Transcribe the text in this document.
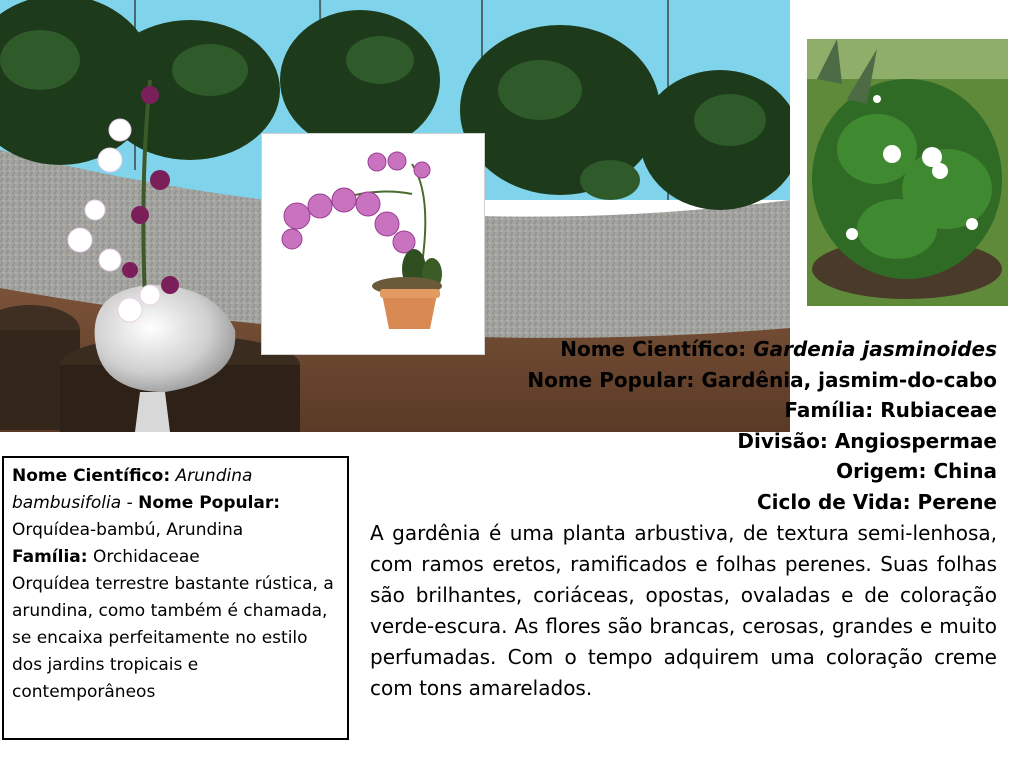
Nome Científico: Gardenia jasminoides
Nome Popular: Gardênia, jasmim-do-cabo
Família: Rubiaceae
Divisão: Angiospermae
Origem: China
Ciclo de Vida: Perene
A gardênia é uma planta arbustiva, de textura semi-lenhosa, com ramos eretos, ramificados e folhas perenes. Suas folhas são brilhantes, coriáceas, opostas, ovaladas e de coloração verde-escura. As flores são brancas, cerosas, grandes e muito perfumadas. Com o tempo adquirem uma coloração creme com tons amarelados.
Nome Científico: Arundina bambusifolia - Nome Popular: Orquídea-bambú, Arundina
Família: Orchidaceae
Orquídea terrestre bastante rústica, a arundina, como também é chamada, se encaixa perfeitamente no estilo dos jardins tropicais e contemporâneos
